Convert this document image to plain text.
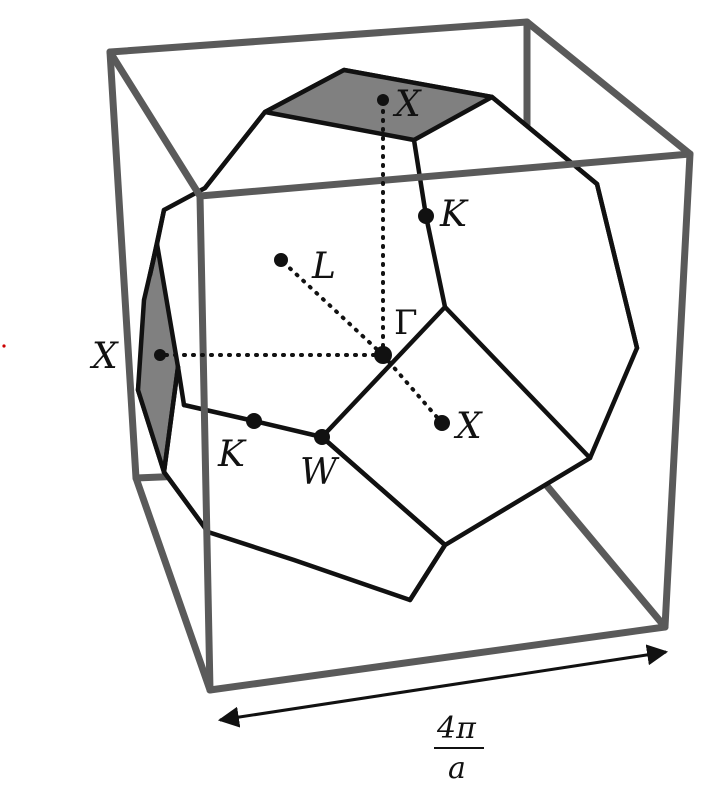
X
K
L
Γ
X
X
K W
4π
a
